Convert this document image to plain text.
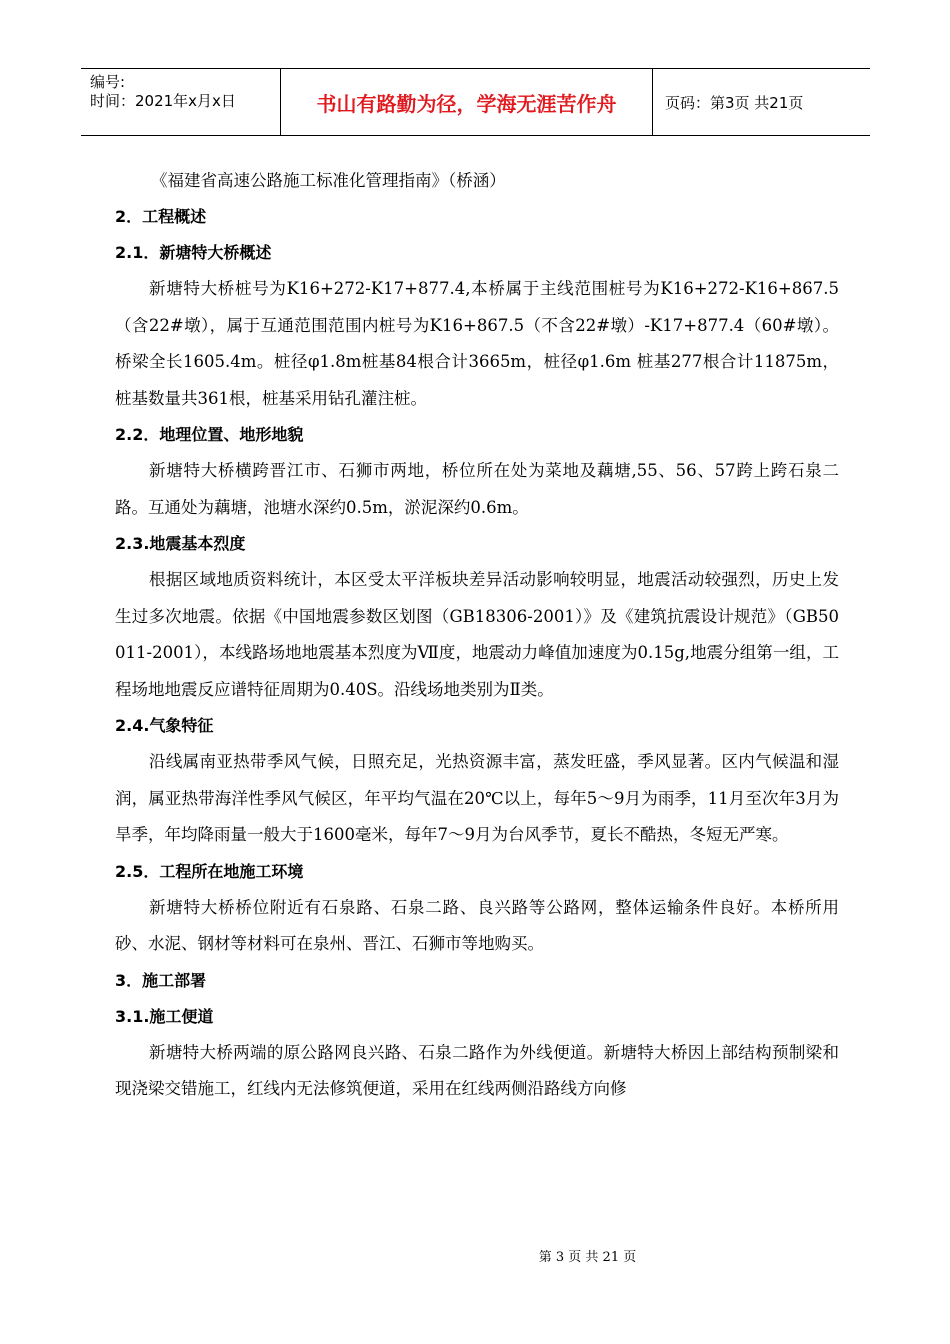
编号:
时间：2021年x月x日	书山有路勤为径，学海无涯苦作舟	页码：第3页 共21页
《福建省高速公路施工标准化管理指南》（桥涵）
2．工程概述
2.1．新塘特大桥概述

新塘特大桥桩号为K16+272-K17+877.4,本桥属于主线范围桩号为K16+272-K16+867.5（含22#墩），属于互通范围范围内桩号为K16+867.5（不含22#墩）-K17+877.4（60#墩）。桥梁全长1605.4m。桩径φ1.8m桩基84根合计3665m，桩径φ1.6m 桩基277根合计11875m，桩基数量共361根，桩基采用钻孔灌注桩。

2.2．地理位置、地形地貌

新塘特大桥横跨晋江市、石狮市两地，桥位所在处为菜地及藕塘,55、56、57跨上跨石泉二路。互通处为藕塘，池塘水深约0.5m，淤泥深约0.6m。

2.3.地震基本烈度

根据区域地质资料统计，本区受太平洋板块差异活动影响较明显，地震活动较强烈，历史上发生过多次地震。依据《中国地震参数区划图（GB18306-2001）》及《建筑抗震设计规范》（GB50011-2001），本线路场地地震基本烈度为Ⅶ度，地震动力峰值加速度为0.15g,地震分组第一组，工程场地地震反应谱特征周期为0.40S。沿线场地类别为Ⅱ类。

2.4.气象特征

沿线属南亚热带季风气候，日照充足，光热资源丰富，蒸发旺盛，季风显著。区内气候温和湿润，属亚热带海洋性季风气候区，年平均气温在20℃以上，每年5～9月为雨季，11月至次年3月为旱季，年均降雨量一般大于1600毫米，每年7～9月为台风季节，夏长不酷热，冬短无严寒。

2.5．工程所在地施工环境

新塘特大桥桥位附近有石泉路、石泉二路、良兴路等公路网，整体运输条件良好。本桥所用砂、水泥、钢材等材料可在泉州、晋江、石狮市等地购买。

3．施工部署
3.1.施工便道

新塘特大桥两端的原公路网良兴路、石泉二路作为外线便道。新塘特大桥因上部结构预制梁和现浇梁交错施工，红线内无法修筑便道，采用在红线两侧沿路线方向修

第 3 页 共 21 页
